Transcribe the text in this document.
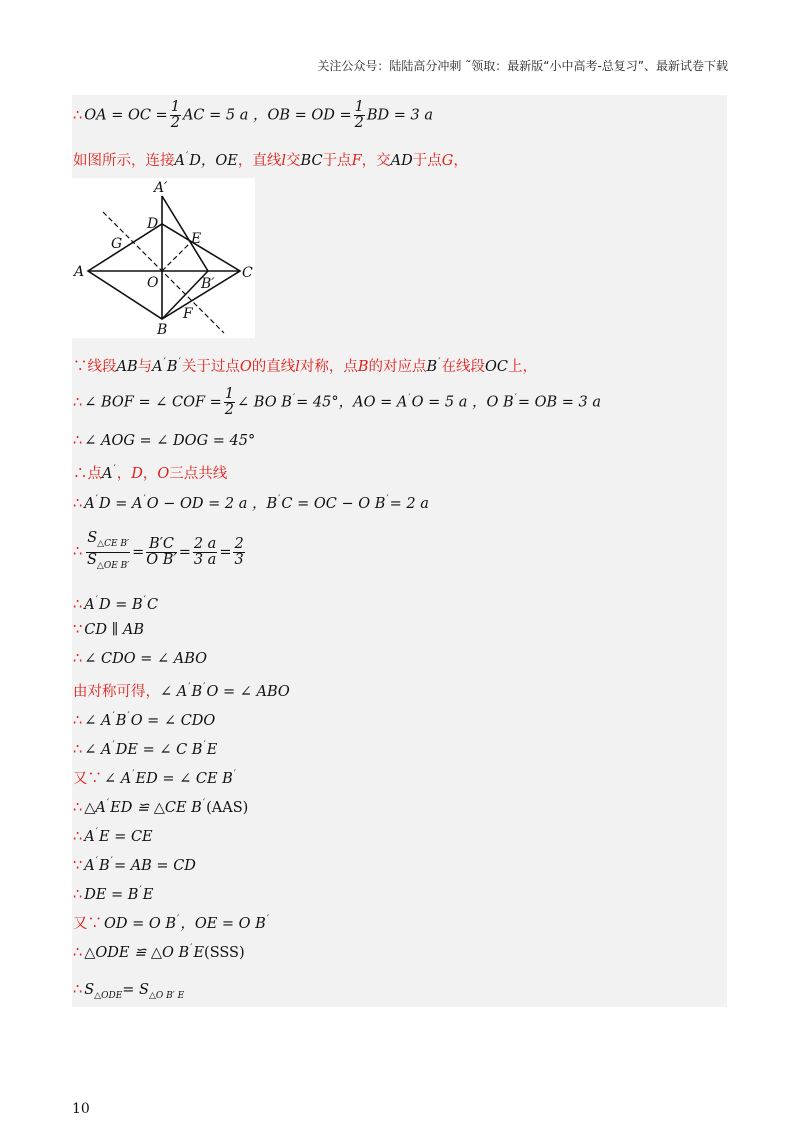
关注公众号：陆陆高分冲刺 ˜领取：最新版“小中高考-总复习”、最新试卷下载
∴ OA = OC = $\frac{1}{2}$ AC = 5 a ，OB = OD = $\frac{1}{2}$ BD = 3 a
如图所示，连接A′D，OE，直线l交BC于点F，交AD于点G，
A′
D
E
G
A
O
C
B′
F
B
∵线段AB与A′B′关于过点O的直线l对称，点B的对应点B′在线段OC上，
∴ ∠ BOF = ∠ COF = $\frac{1}{2}$ ∠ BO B′= 45°，AO = A′O = 5 a ，O B′= OB = 3 a
∴ ∠ AOG = ∠ DOG = 45°
∴点A′，D，O三点共线
∴ A′D = A′O − OD = 2 a ，B′C = OC − O B′= 2 a
∴ $\frac{S_{\triangle CE B'}}{S_{\triangle OE B'}} = \frac{B'C}{\text{O B′}} = \frac{2 a}{3 a} = \frac{2}{3}$
∴ A′D = B′C
∵ CD ∥ AB
∴ ∠ CDO = ∠ ABO
由对称可得，∠ A′B′O = ∠ ABO
∴ ∠ A′B′O = ∠ CDO
∴ ∠ A′DE = ∠ C B′E
又∵ ∠ A′ED = ∠ CE B′
∴ △A′ED ≌ △CE B′(AAS)
∴ A′E = CE
∵ A′B′= AB = CD
∴ DE = B′E
又∵ OD = O B′，OE = O B′
∴ △ODE ≌ △O B′E(SSS)
∴ $S_{\triangle ODE}= S_{\triangle O B' E}$
10
